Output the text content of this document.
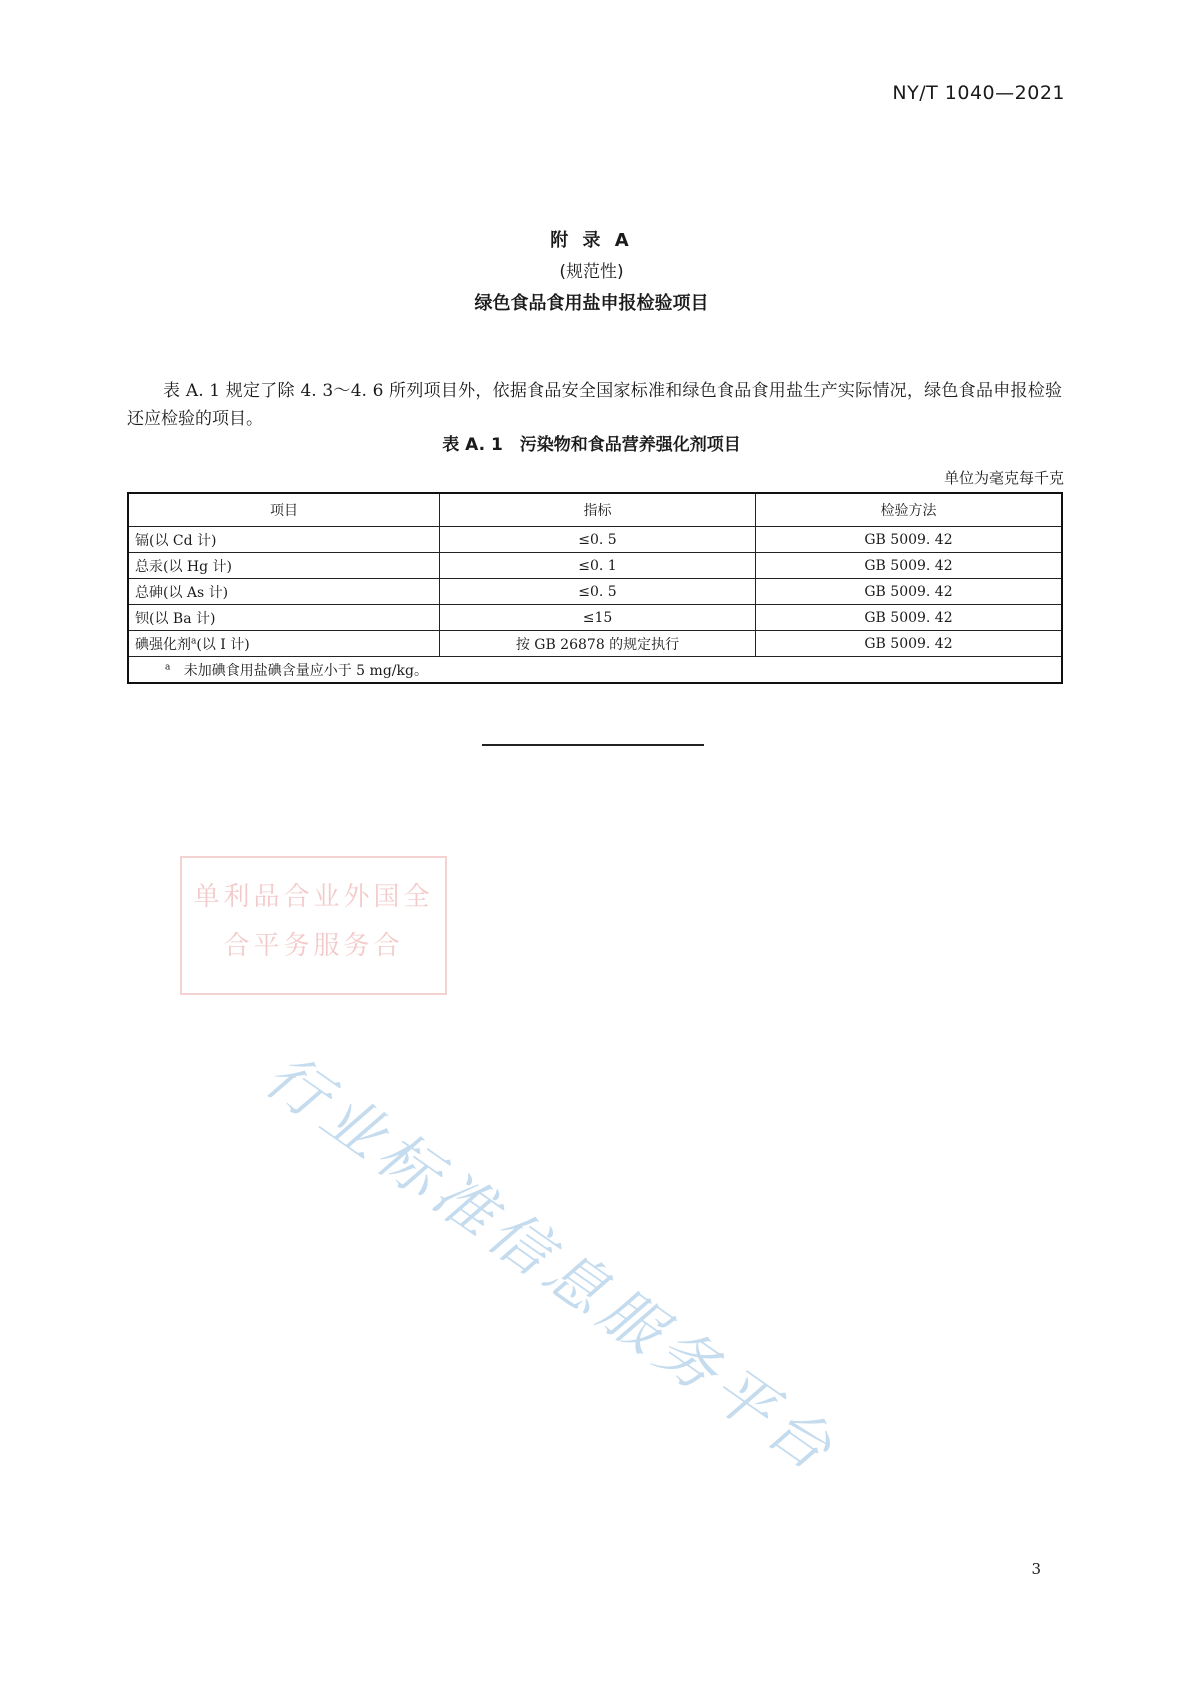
NY/T 1040—2021
附 录 A
(规范性)
绿色食品食用盐申报检验项目

表 A. 1 规定了除 4. 3～4. 6 所列项目外，依据食品安全国家标准和绿色食品食用盐生产实际情况，绿色食品申报检验还应检验的项目。

表 A. 1　污染物和食品营养强化剂项目
单位为毫克每千克
项目	指标	检验方法
镉(以 Cd 计)	≤0. 5	GB 5009. 42
总汞(以 Hg 计)	≤0. 1	GB 5009. 42
总砷(以 As 计)	≤0. 5	GB 5009. 42
钡(以 Ba 计)	≤15	GB 5009. 42
碘强化剂$^a$(以 I 计)	按 GB 26878 的规定执行	GB 5009. 42
$^a$ 未加碘食用盐碘含量应小于 5 mg/kg。		
单利品合业外国全
合平务服务合
行业标准信息服务平台
3
